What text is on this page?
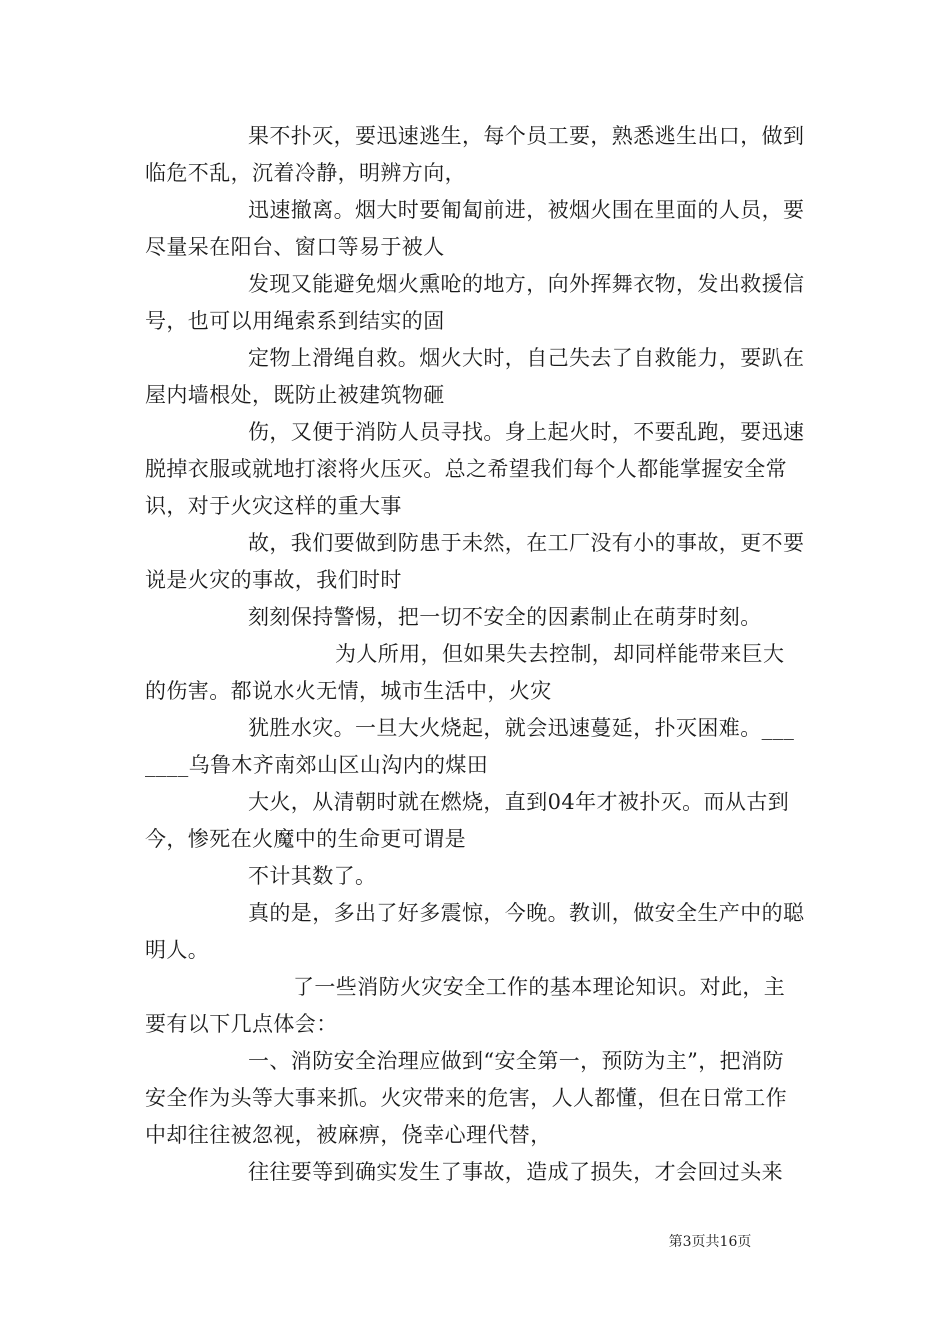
果不扑灭，要迅速逃生，每个员工要，熟悉逃生出口，做到临危不乱，沉着冷静，明辨方向，

迅速撤离。烟大时要匍匐前进，被烟火围在里面的人员，要尽量呆在阳台、窗口等易于被人

发现又能避免烟火熏呛的地方，向外挥舞衣物，发出救援信号，也可以用绳索系到结实的固

定物上滑绳自救。烟火大时，自己失去了自救能力，要趴在屋内墙根处，既防止被建筑物砸

伤，又便于消防人员寻找。身上起火时，不要乱跑，要迅速脱掉衣服或就地打滚将火压灭。总之希望我们每个人都能掌握安全常识，对于火灾这样的重大事

故，我们要做到防患于未然，在工厂没有小的事故，更不要说是火灾的事故，我们时时

刻刻保持警惕，把一切不安全的因素制止在萌芽时刻。

为人所用，但如果失去控制，却同样能带来巨大的伤害。都说水火无情，城市生活中，火灾

犹胜水灾。一旦大火烧起，就会迅速蔓延，扑灭困难。_______乌鲁木齐南郊山区山沟内的煤田

大火，从清朝时就在燃烧，直到04年才被扑灭。而从古到今，惨死在火魔中的生命更可谓是

不计其数了。

真的是，多出了好多震惊，今晚。教训，做安全生产中的聪明人。

了一些消防火灾安全工作的基本理论知识。对此，主要有以下几点体会：

一、消防安全治理应做到“安全第一，预防为主”，把消防安全作为头等大事来抓。火灾带来的危害，人人都懂，但在日常工作中却往往被忽视，被麻痹，侥幸心理代替，

往往要等到确实发生了事故，造成了损失，才会回过头来

第3页共16页
